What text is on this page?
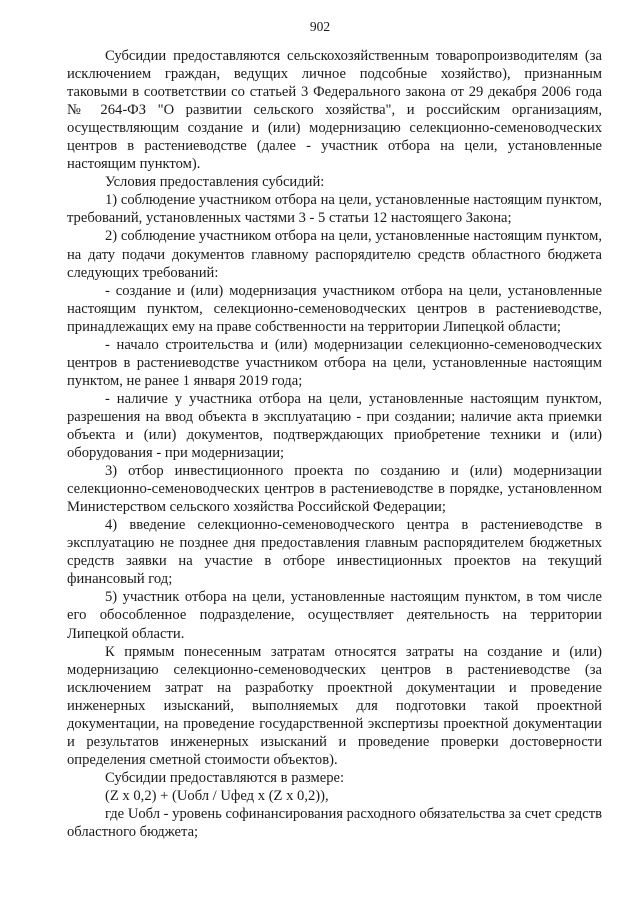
902

Субсидии предоставляются сельскохозяйственным товаропроизводителям (за исключением граждан, ведущих личное подсобные хозяйство), признанным таковыми в соответствии со статьей 3 Федерального закона от 29 декабря 2006 года № 264-ФЗ "О развитии сельского хозяйства", и российским организациям, осуществляющим создание и (или) модернизацию селекционно-семеноводческих центров в растениеводстве (далее - участник отбора на цели, установленные настоящим пунктом).

Условия предоставления субсидий:

1) соблюдение участником отбора на цели, установленные настоящим пунктом, требований, установленных частями 3 - 5 статьи 12 настоящего Закона;

2) соблюдение участником отбора на цели, установленные настоящим пунктом, на дату подачи документов главному распорядителю средств областного бюджета следующих требований:

- создание и (или) модернизация участником отбора на цели, установленные настоящим пунктом, селекционно-семеноводческих центров в растениеводстве, принадлежащих ему на праве собственности на территории Липецкой области;

- начало строительства и (или) модернизации селекционно-семеноводческих центров в растениеводстве участником отбора на цели, установленные настоящим пунктом, не ранее 1 января 2019 года;

- наличие у участника отбора на цели, установленные настоящим пунктом, разрешения на ввод объекта в эксплуатацию - при создании; наличие акта приемки объекта и (или) документов, подтверждающих приобретение техники и (или) оборудования - при модернизации;

3) отбор инвестиционного проекта по созданию и (или) модернизации селекционно-семеноводческих центров в растениеводстве в порядке, установленном Министерством сельского хозяйства Российской Федерации;

4) введение селекционно-семеноводческого центра в растениеводстве в эксплуатацию не позднее дня предоставления главным распорядителем бюджетных средств заявки на участие в отборе инвестиционных проектов на текущий финансовый год;

5) участник отбора на цели, установленные настоящим пунктом, в том числе его обособленное подразделение, осуществляет деятельность на территории Липецкой области.

К прямым понесенным затратам относятся затраты на создание и (или) модернизацию селекционно-семеноводческих центров в растениеводстве (за исключением затрат на разработку проектной документации и проведение инженерных изысканий, выполняемых для подготовки такой проектной документации, на проведение государственной экспертизы проектной документации и результатов инженерных изысканий и проведение проверки достоверности определения сметной стоимости объектов).

Субсидии предоставляются в размере:

(Z x 0,2) + (Uобл / Uфед x (Z x 0,2)),

где Uобл - уровень софинансирования расходного обязательства за счет средств областного бюджета;
